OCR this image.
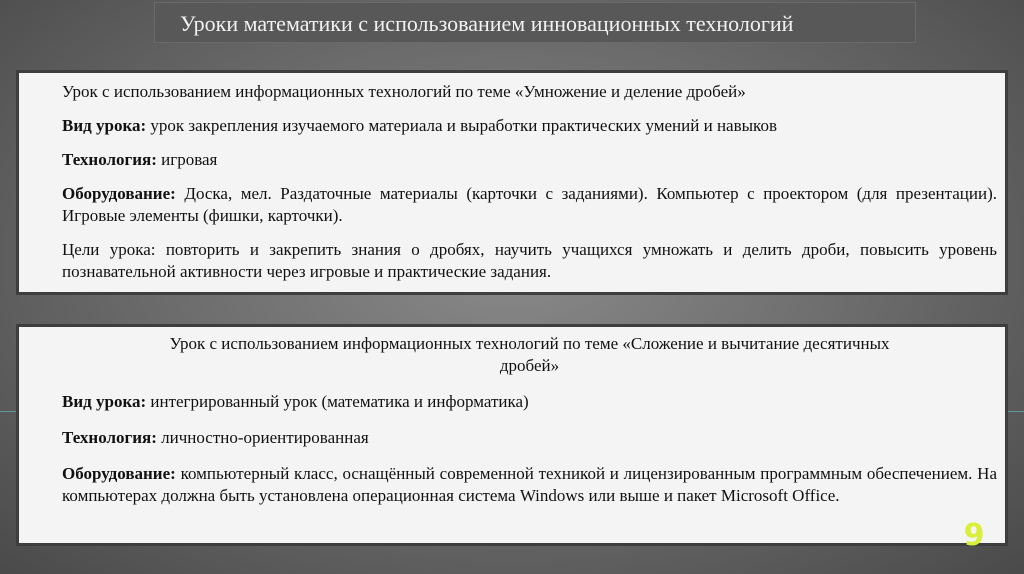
Уроки математики с использованием инновационных технологий
Урок с использованием информационных технологий по теме «Умножение и деление дробей»
Вид урока: урок закрепления изучаемого материала и выработки практических умений и навыков
Технология: игровая
Оборудование: Доска, мел. Раздаточные материалы (карточки с заданиями). Компьютер с проектором (для презентации). Игровые элементы (фишки, карточки).
Цели урока: повторить и закрепить знания о дробях, научить учащихся умножать и делить дроби, повысить уровень познавательной активности через игровые и практические задания.
Урок с использованием информационных технологий по теме «Сложение и вычитание десятичных
дробей»
Вид урока: интегрированный урок (математика и информатика)
Технология: личностно-ориентированная
Оборудование: компьютерный класс, оснащённый современной техникой и лицензированным программным обеспечением. На компьютерах должна быть установлена операционная система Windows или выше и пакет Microsoft Office.
9
